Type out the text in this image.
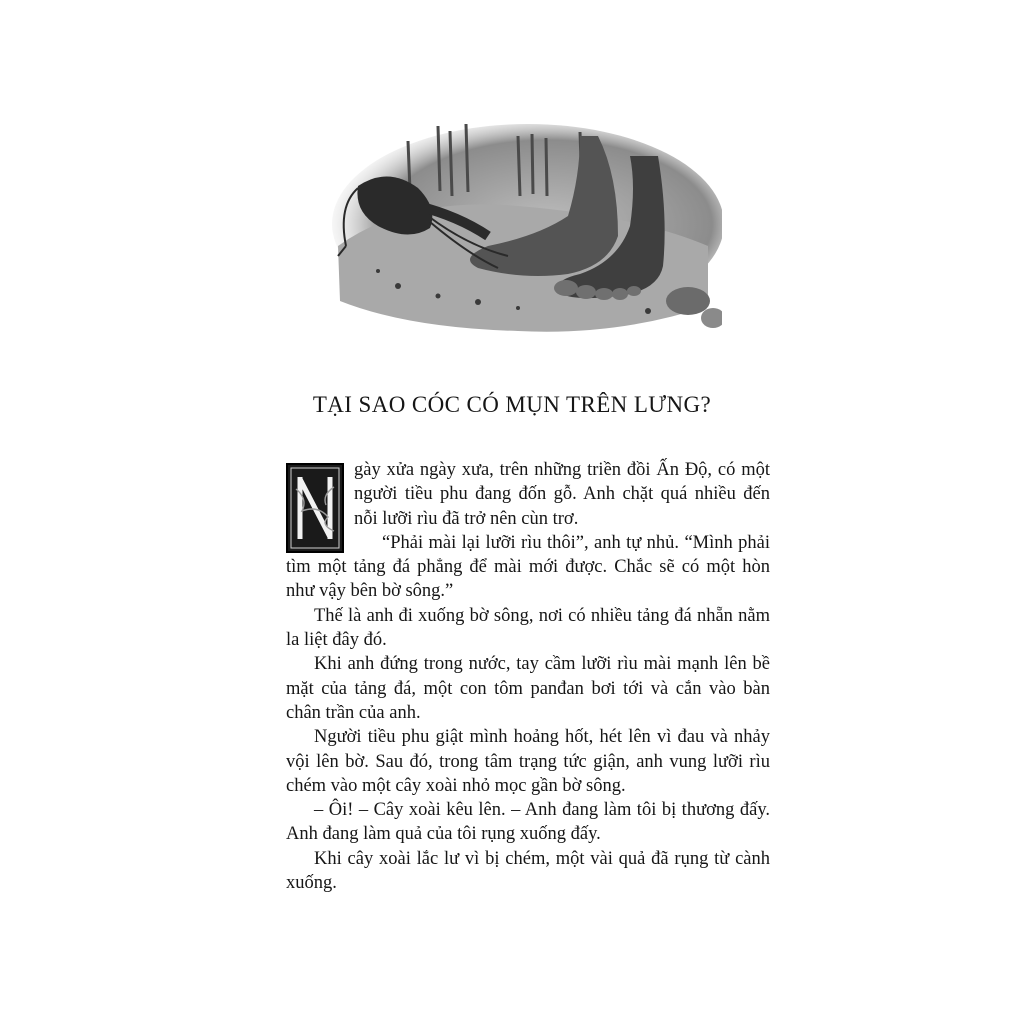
TẠI SAO CÓC CÓ MỤN TRÊN LƯNG?

gày xửa ngày xưa, trên những triền đồi Ấn Độ, có một người tiều phu đang đốn gỗ. Anh chặt quá nhiều đến nỗi lưỡi rìu đã trở nên cùn trơ.

“Phải mài lại lưỡi rìu thôi”, anh tự nhủ. “Mình phải tìm một tảng đá phẳng để mài mới được. Chắc sẽ có một hòn như vậy bên bờ sông.”

Thế là anh đi xuống bờ sông, nơi có nhiều tảng đá nhẵn nằm la liệt đây đó.

Khi anh đứng trong nước, tay cầm lưỡi rìu mài mạnh lên bề mặt của tảng đá, một con tôm panđan bơi tới và cắn vào bàn chân trần của anh.

Người tiều phu giật mình hoảng hốt, hét lên vì đau và nhảy vội lên bờ. Sau đó, trong tâm trạng tức giận, anh vung lưỡi rìu chém vào một cây xoài nhỏ mọc gần bờ sông.

– Ôi! – Cây xoài kêu lên. – Anh đang làm tôi bị thương đấy. Anh đang làm quả của tôi rụng xuống đấy.

Khi cây xoài lắc lư vì bị chém, một vài quả đã rụng từ cành xuống.
